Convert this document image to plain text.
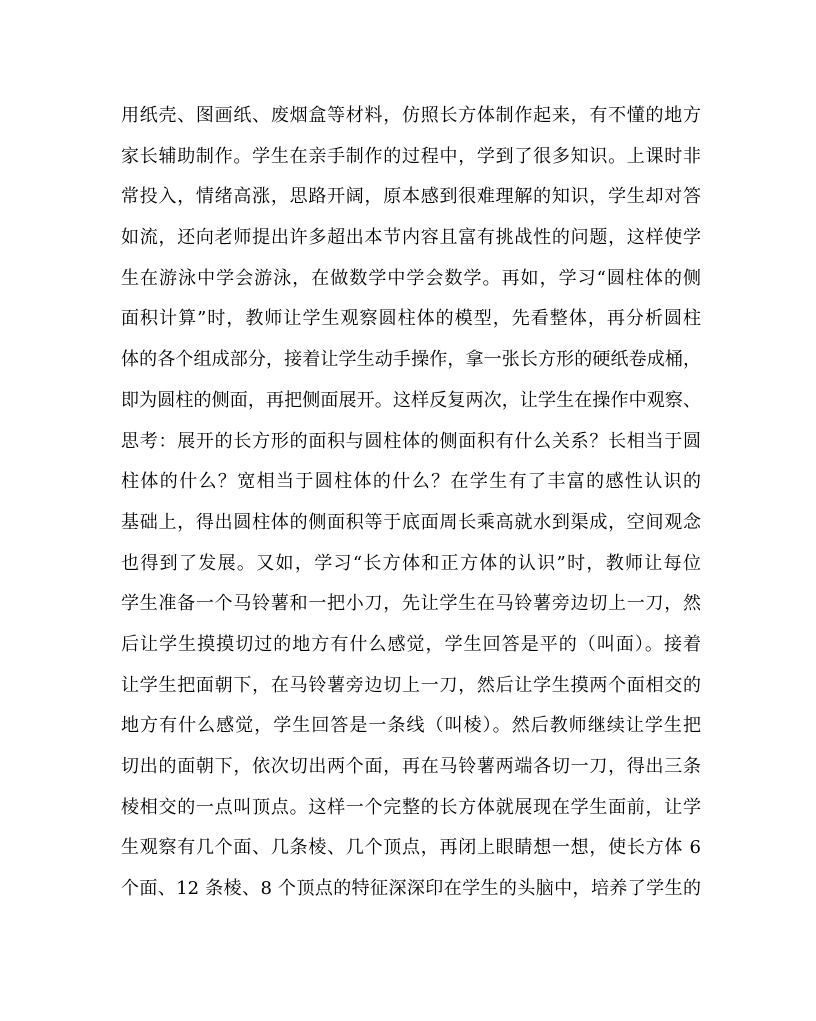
用纸壳、图画纸、废烟盒等材料，仿照长方体制作起来，有不懂的地方
家长辅助制作。学生在亲手制作的过程中，学到了很多知识。上课时非
常投入，情绪高涨，思路开阔，原本感到很难理解的知识，学生却对答
如流，还向老师提出许多超出本节内容且富有挑战性的问题，这样使学
生在游泳中学会游泳，在做数学中学会数学。再如，学习“圆柱体的侧
面积计算”时，教师让学生观察圆柱体的模型，先看整体，再分析圆柱
体的各个组成部分，接着让学生动手操作，拿一张长方形的硬纸卷成桶，
即为圆柱的侧面，再把侧面展开。这样反复两次，让学生在操作中观察、
思考：展开的长方形的面积与圆柱体的侧面积有什么关系？长相当于圆
柱体的什么？宽相当于圆柱体的什么？在学生有了丰富的感性认识的
基础上，得出圆柱体的侧面积等于底面周长乘高就水到渠成，空间观念
也得到了发展。又如，学习“长方体和正方体的认识”时，教师让每位
学生准备一个马铃薯和一把小刀，先让学生在马铃薯旁边切上一刀，然
后让学生摸摸切过的地方有什么感觉，学生回答是平的（叫面）。接着
让学生把面朝下，在马铃薯旁边切上一刀，然后让学生摸两个面相交的
地方有什么感觉，学生回答是一条线（叫棱）。然后教师继续让学生把
切出的面朝下，依次切出两个面，再在马铃薯两端各切一刀，得出三条
棱相交的一点叫顶点。这样一个完整的长方体就展现在学生面前，让学
生观察有几个面、几条棱、几个顶点，再闭上眼睛想一想，使长方体 6
个面、12 条棱、8 个顶点的特征深深印在学生的头脑中，培养了学生的
